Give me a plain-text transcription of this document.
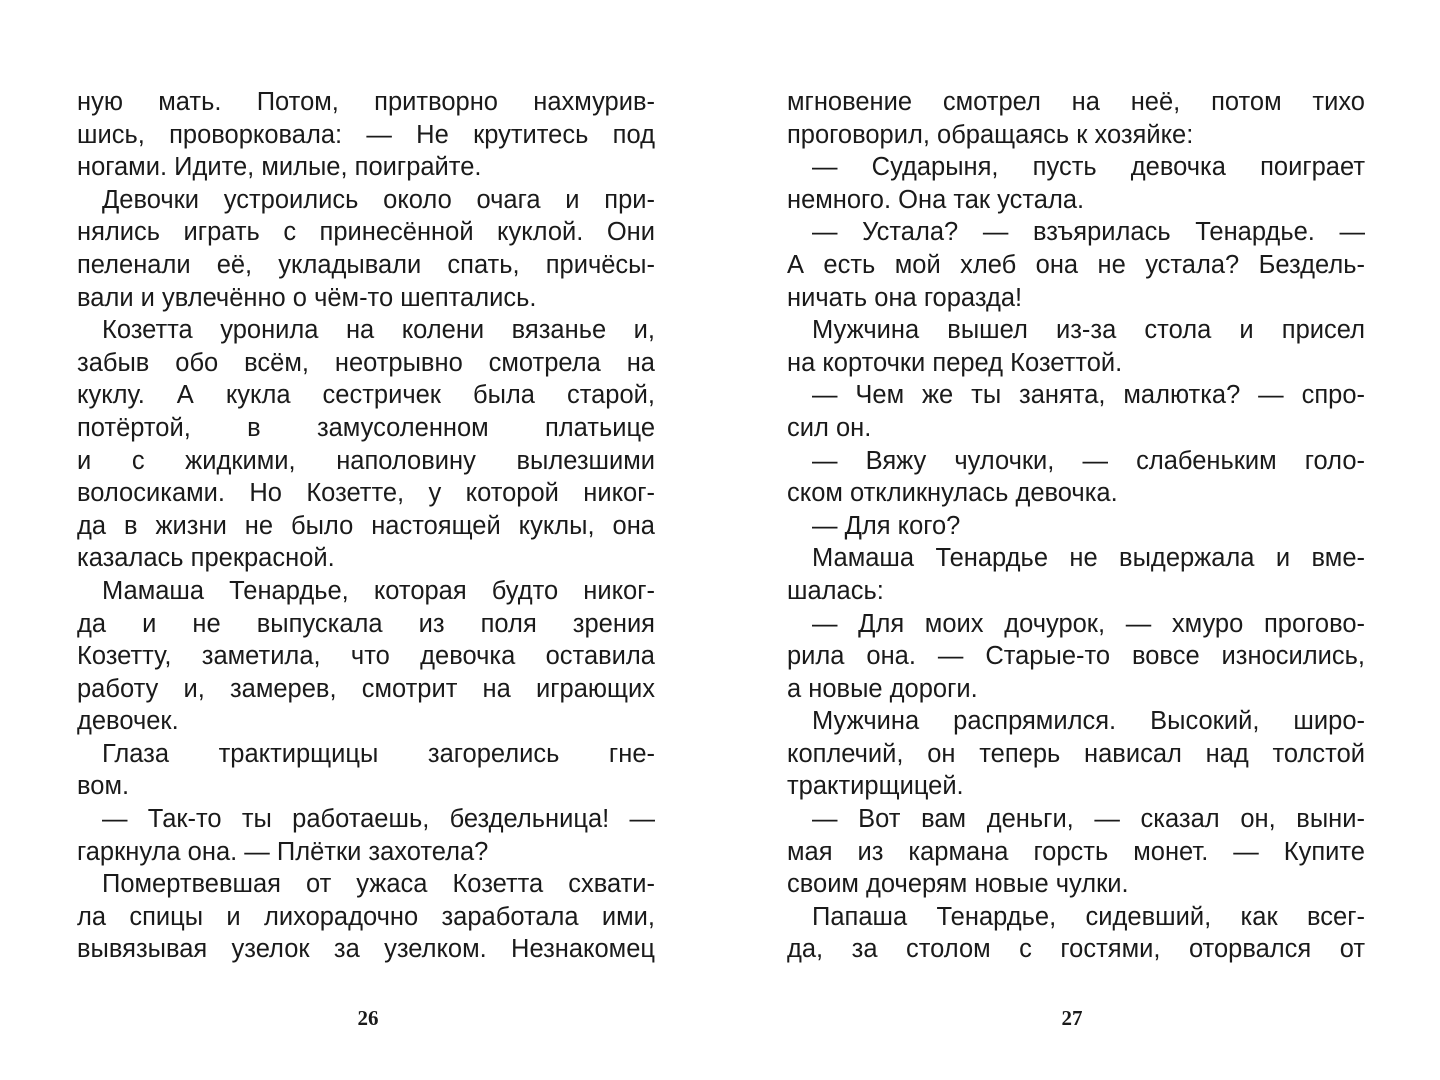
ную мать. Потом, притворно нахмурив-
шись, проворковала: — Не крутитесь под
ногами. Идите, милые, поиграйте.
Девочки устроились около очага и при-
нялись играть с принесённой куклой. Они
пеленали её, укладывали спать, причёсы-
вали и увлечённо о чём-то шептались.
Козетта уронила на колени вязанье и,
забыв обо всём, неотрывно смотрела на
куклу. А кукла сестричек была старой,
потёртой, в замусоленном платьице
и с жидкими, наполовину вылезшими
волосиками. Но Козетте, у которой никог-
да в жизни не было настоящей куклы, она
казалась прекрасной.
Мамаша Тенардье, которая будто никог-
да и не выпускала из поля зрения
Козетту, заметила, что девочка оставила
работу и, замерев, смотрит на играющих
девочек.
Глаза трактирщицы загорелись гне-
вом.
— Так-то ты работаешь, бездельница! —
гаркнула она. — Плётки захотела?
Помертвевшая от ужаса Козетта схвати-
ла спицы и лихорадочно заработала ими,
вывязывая узелок за узелком. Незнакомец
26
мгновение смотрел на неё, потом тихо
проговорил, обращаясь к хозяйке:
— Сударыня, пусть девочка поиграет
немного. Она так устала.
— Устала? — взъярилась Тенардье. —
А есть мой хлеб она не устала? Бездель-
ничать она горазда!
Мужчина вышел из-за стола и присел
на корточки перед Козеттой.
— Чем же ты занята, малютка? — спро-
сил он.
— Вяжу чулочки, — слабеньким голо-
ском откликнулась девочка.
— Для кого?
Мамаша Тенардье не выдержала и вме-
шалась:
— Для моих дочурок, — хмуро прогово-
рила она. — Старые-то вовсе износились,
а новые дороги.
Мужчина распрямился. Высокий, широ-
коплечий, он теперь нависал над толстой
трактирщицей.
— Вот вам деньги, — сказал он, выни-
мая из кармана горсть монет. — Купите
своим дочерям новые чулки.
Папаша Тенардье, сидевший, как всег-
да, за столом с гостями, оторвался от
27
